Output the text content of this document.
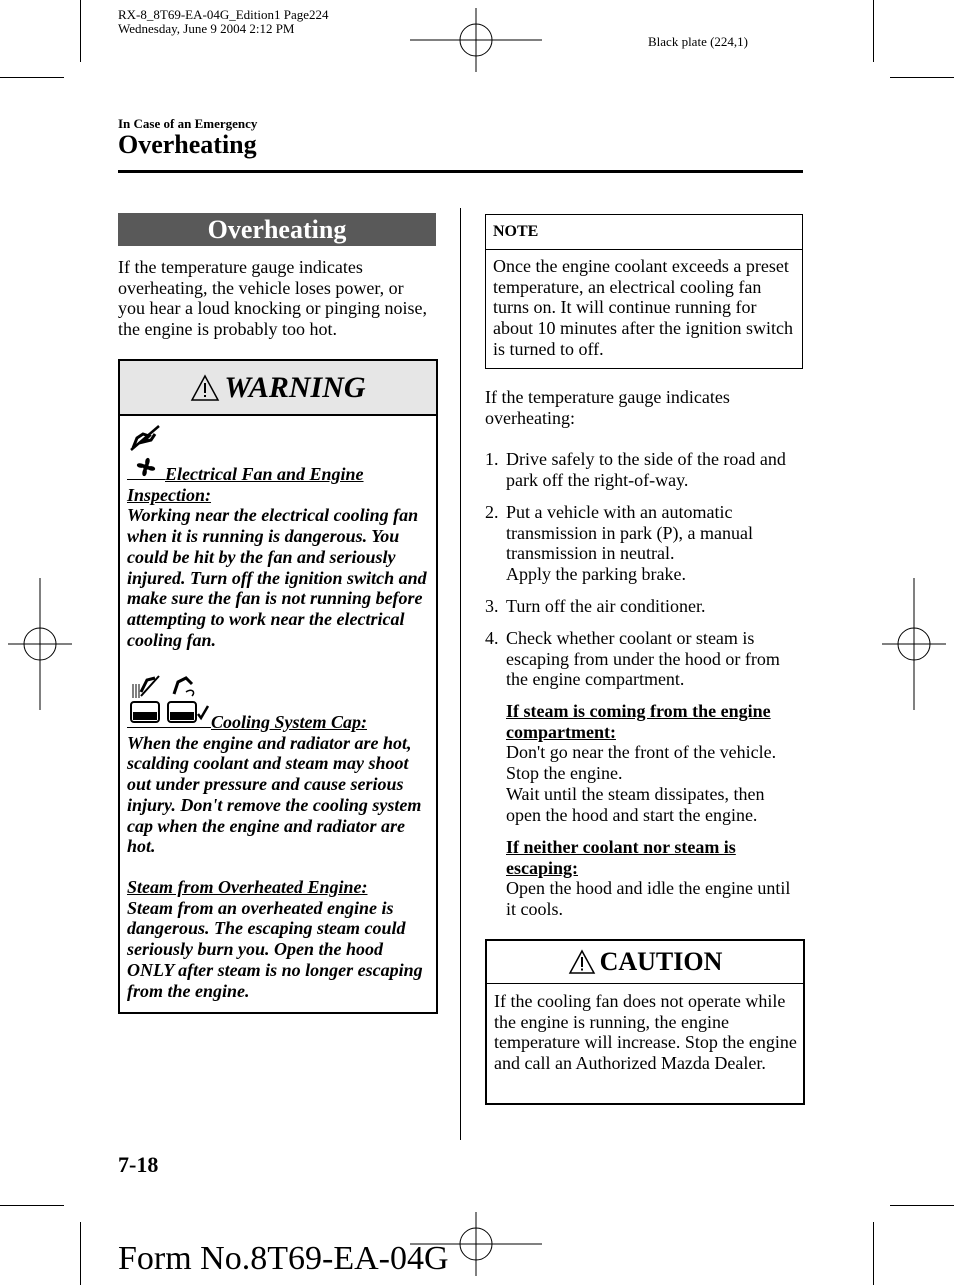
RX-8_8T69-EA-04G_Edition1 Page224
Wednesday, June 9 2004 2:12 PM
Black plate (224,1)
In Case of an Emergency
Overheating
Overheating
If the temperature gauge indicates overheating, the vehicle loses power, or you hear a loud knocking or pinging noise, the engine is probably too hot.
WARNING
Electrical Fan and Engine Inspection:
Working near the electrical cooling fan when it is running is dangerous. You could be hit by the fan and seriously injured. Turn off the ignition switch and make sure the fan is not running before attempting to work near the electrical cooling fan.
Cooling System Cap:
When the engine and radiator are hot, scalding coolant and steam may shoot out under pressure and cause serious injury. Don't remove the cooling system cap when the engine and radiator are hot.
Steam from Overheated Engine:
Steam from an overheated engine is dangerous. The escaping steam could seriously burn you. Open the hood ONLY after steam is no longer escaping from the engine.
NOTE
Once the engine coolant exceeds a preset temperature, an electrical cooling fan turns on. It will continue running for about 10 minutes after the ignition switch is turned to off.
If the temperature gauge indicates overheating:
1. Drive safely to the side of the road and park off the right-of-way.
2. Put a vehicle with an automatic transmission in park (P), a manual transmission in neutral.
Apply the parking brake.
3. Turn off the air conditioner.
4. Check whether coolant or steam is escaping from under the hood or from the engine compartment.
If steam is coming from the engine compartment:
Don't go near the front of the vehicle.
Stop the engine.
Wait until the steam dissipates, then open the hood and start the engine.
If neither coolant nor steam is escaping:
Open the hood and idle the engine until it cools.
CAUTION
If the cooling fan does not operate while the engine is running, the engine temperature will increase. Stop the engine and call an Authorized Mazda Dealer.
7-18
Form No.8T69-EA-04G
